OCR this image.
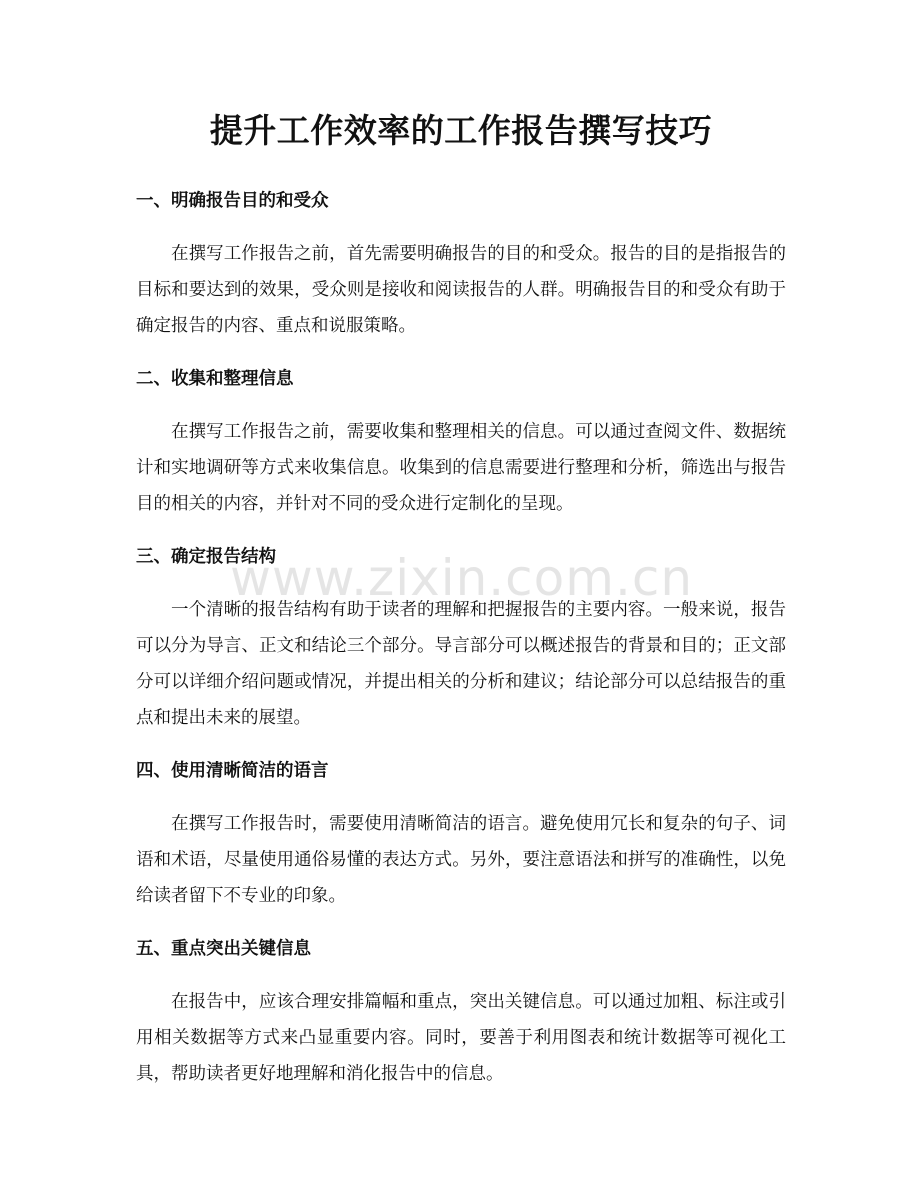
提升工作效率的工作报告撰写技巧
一、明确报告目的和受众

在撰写工作报告之前，首先需要明确报告的目的和受众。报告的目的是指报告的目标和要达到的效果，受众则是接收和阅读报告的人群。明确报告目的和受众有助于确定报告的内容、重点和说服策略。

二、收集和整理信息

在撰写工作报告之前，需要收集和整理相关的信息。可以通过查阅文件、数据统计和实地调研等方式来收集信息。收集到的信息需要进行整理和分析，筛选出与报告目的相关的内容，并针对不同的受众进行定制化的呈现。

三、确定报告结构

一个清晰的报告结构有助于读者的理解和把握报告的主要内容。一般来说，报告可以分为导言、正文和结论三个部分。导言部分可以概述报告的背景和目的；正文部分可以详细介绍问题或情况，并提出相关的分析和建议；结论部分可以总结报告的重点和提出未来的展望。

四、使用清晰简洁的语言

在撰写工作报告时，需要使用清晰简洁的语言。避免使用冗长和复杂的句子、词语和术语，尽量使用通俗易懂的表达方式。另外，要注意语法和拼写的准确性，以免给读者留下不专业的印象。

五、重点突出关键信息

在报告中，应该合理安排篇幅和重点，突出关键信息。可以通过加粗、标注或引用相关数据等方式来凸显重要内容。同时，要善于利用图表和统计数据等可视化工具，帮助读者更好地理解和消化报告中的信息。

www.zixin.com.cn
